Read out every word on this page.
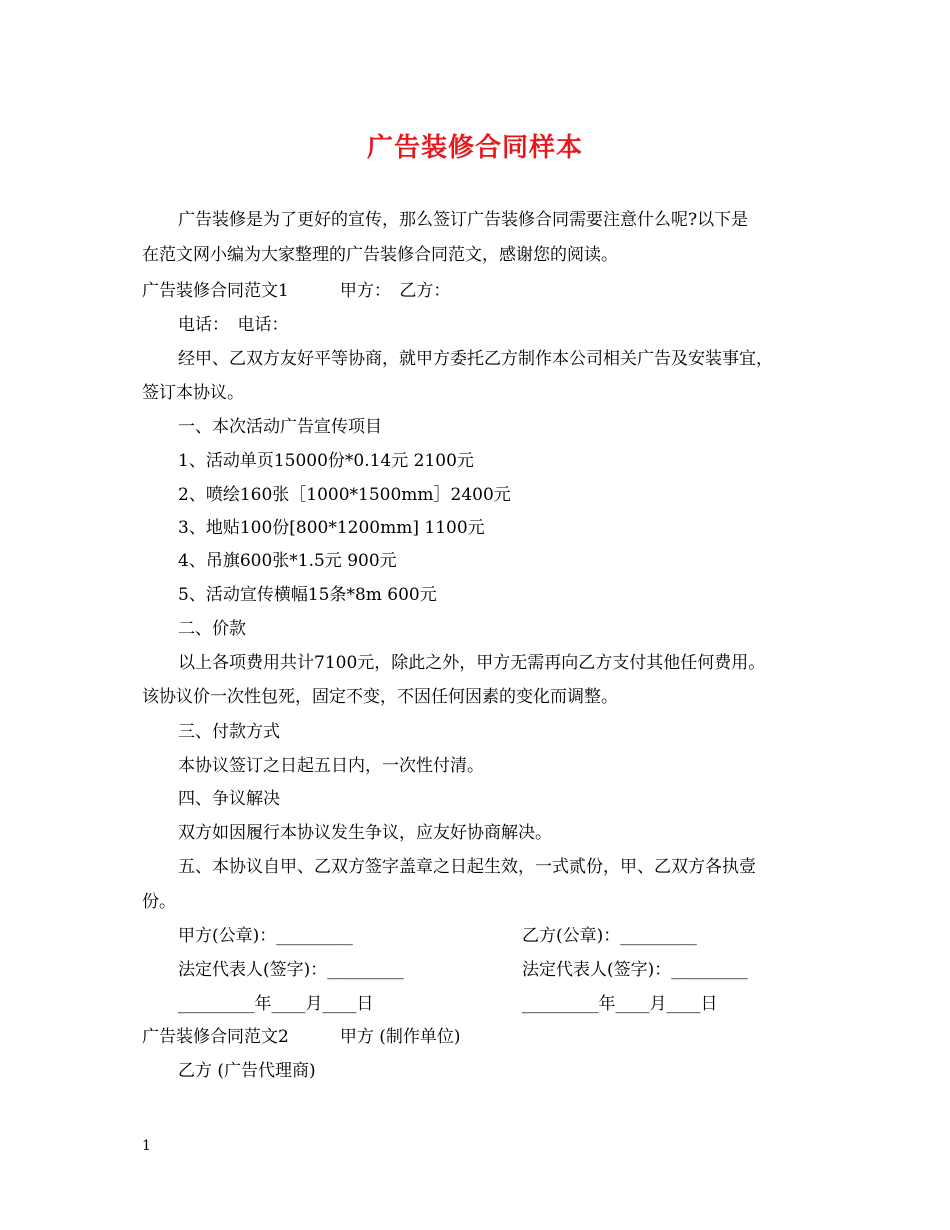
广告装修合同样本
广告装修是为了更好的宣传，那么签订广告装修合同需要注意什么呢?以下是
在范文网小编为大家整理的广告装修合同范文，感谢您的阅读。
广告装修合同范文1　　　甲方：　乙方：
电话：　电话：
经甲、乙双方友好平等协商，就甲方委托乙方制作本公司相关广告及安装事宜，
签订本协议。
一、本次活动广告宣传项目
1、活动单页15000份*0.14元 2100元
2、喷绘160张［1000*1500mm］2400元
3、地贴100份[800*1200mm] 1100元
4、吊旗600张*1.5元 900元
5、活动宣传横幅15条*8m 600元
二、价款
以上各项费用共计7100元，除此之外，甲方无需再向乙方支付其他任何费用。
该协议价一次性包死，固定不变，不因任何因素的变化而调整。
三、付款方式
本协议签订之日起五日内，一次性付清。
四、争议解决
双方如因履行本协议发生争议，应友好协商解决。
五、本协议自甲、乙双方签字盖章之日起生效，一式贰份，甲、乙双方各执壹
份。
甲方(公章)：_________	乙方(公章)：_________
法定代表人(签字)：_________	法定代表人(签字)：_________
_________年____月____日	_________年____月____日
广告装修合同范文2　　　甲方 (制作单位)
乙方 (广告代理商)
1
